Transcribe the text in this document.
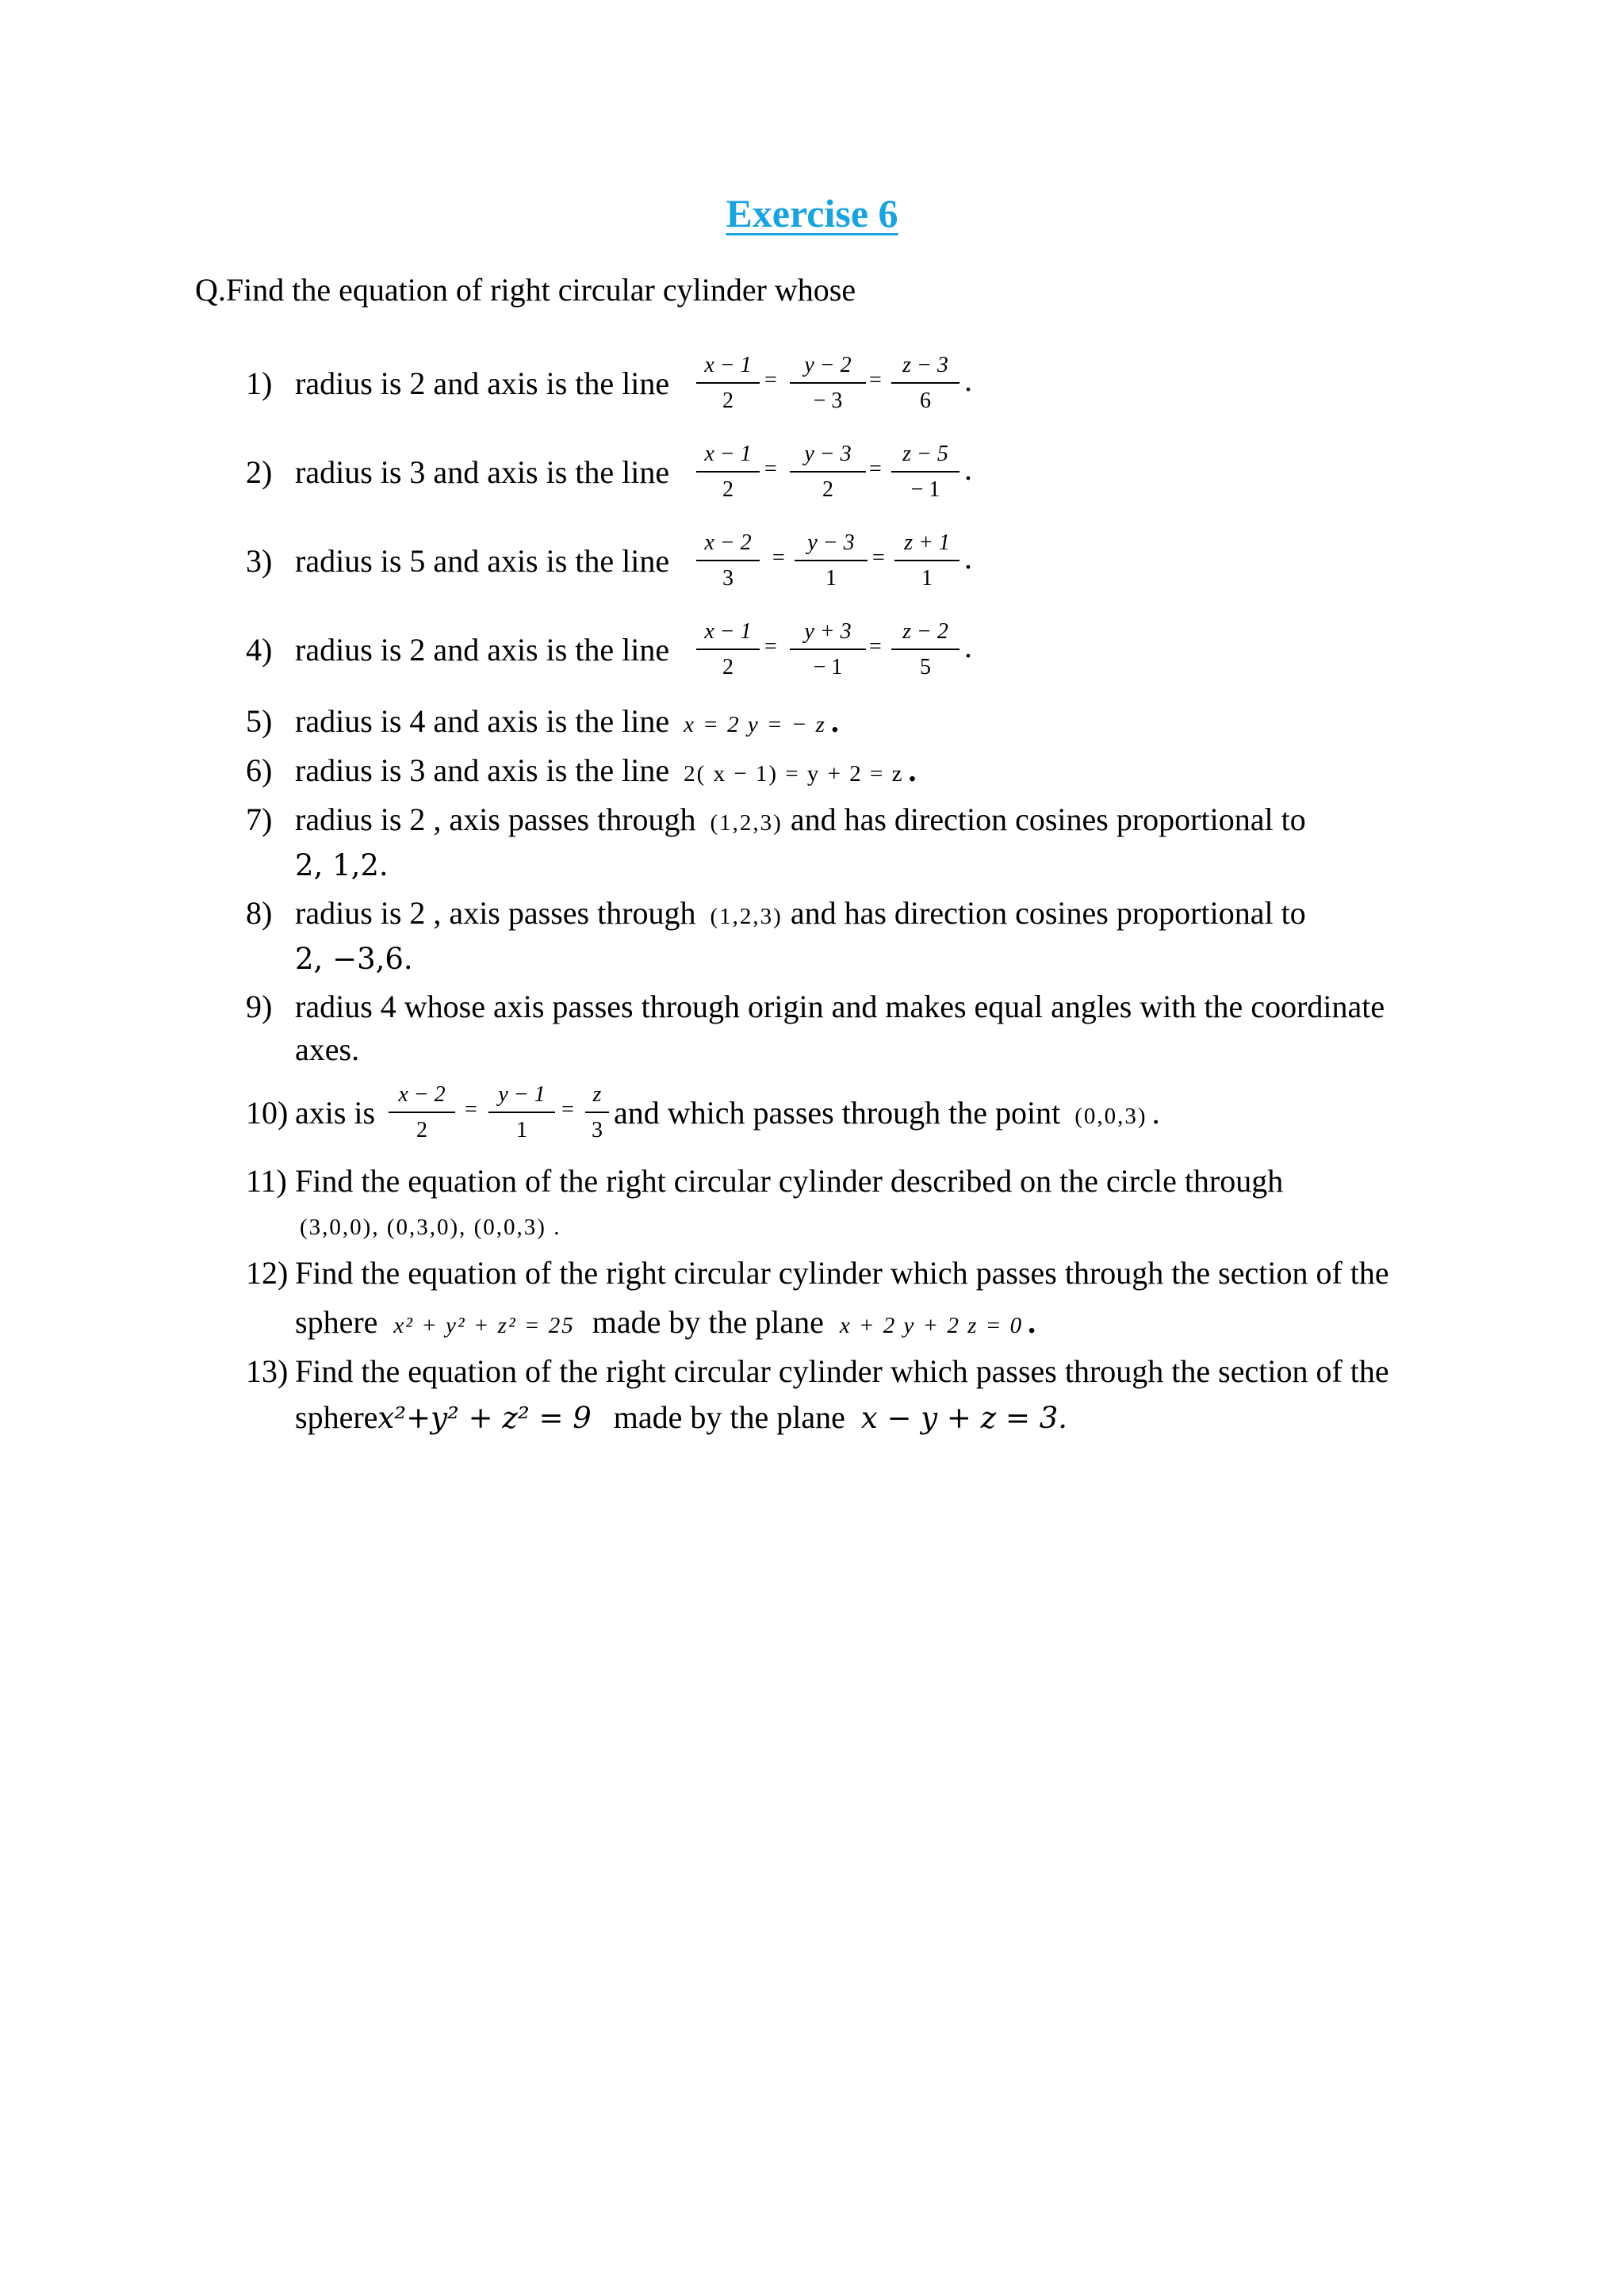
Exercise 6
Q.Find the equation of right circular cylinder whose
1) radius is 2 and axis is the line $\frac{x - 1}{2} = \frac{y - 2}{- 3} = \frac{z - 3}{6}$ .
2) radius is 3 and axis is the line $\frac{x - 1}{2} = \frac{y - 3}{2} = \frac{z - 5}{- 1}$ .
3) radius is 5 and axis is the line $\frac{x - 2}{3} = \frac{y - 3}{1} = \frac{z + 1}{1}$ .
4) radius is 2 and axis is the line $\frac{x - 1}{2} = \frac{y + 3}{- 1} = \frac{z - 2}{5}$ .
5) radius is 4 and axis is the line x = 2 y = − z .
6) radius is 3 and axis is the line 2( x − 1) = y + 2 = z .
7) radius is 2 , axis passes through (1,2,3) and has direction cosines proportional to
2, 1,2.
8) radius is 2 , axis passes through (1,2,3) and has direction cosines proportional to
2, −3,6.
9) radius 4 whose axis passes through origin and makes equal angles with the coordinate
axes.
10) axis is $\frac{x - 2}{2} = \frac{y - 1}{1} = \frac{z}{3}$ and which passes through the point (0,0,3) .
11) Find the equation of the right circular cylinder described on the circle through
(3,0,0), (0,3,0), (0,0,3) .
12) Find the equation of the right circular cylinder which passes through the section of the
sphere x² + y² + z² = 25 made by the plane x + 2 y + 2 z = 0 .
13) Find the equation of the right circular cylinder which passes through the section of the
spherex²+y² + z² = 9 made by the plane x − y + z = 3.
